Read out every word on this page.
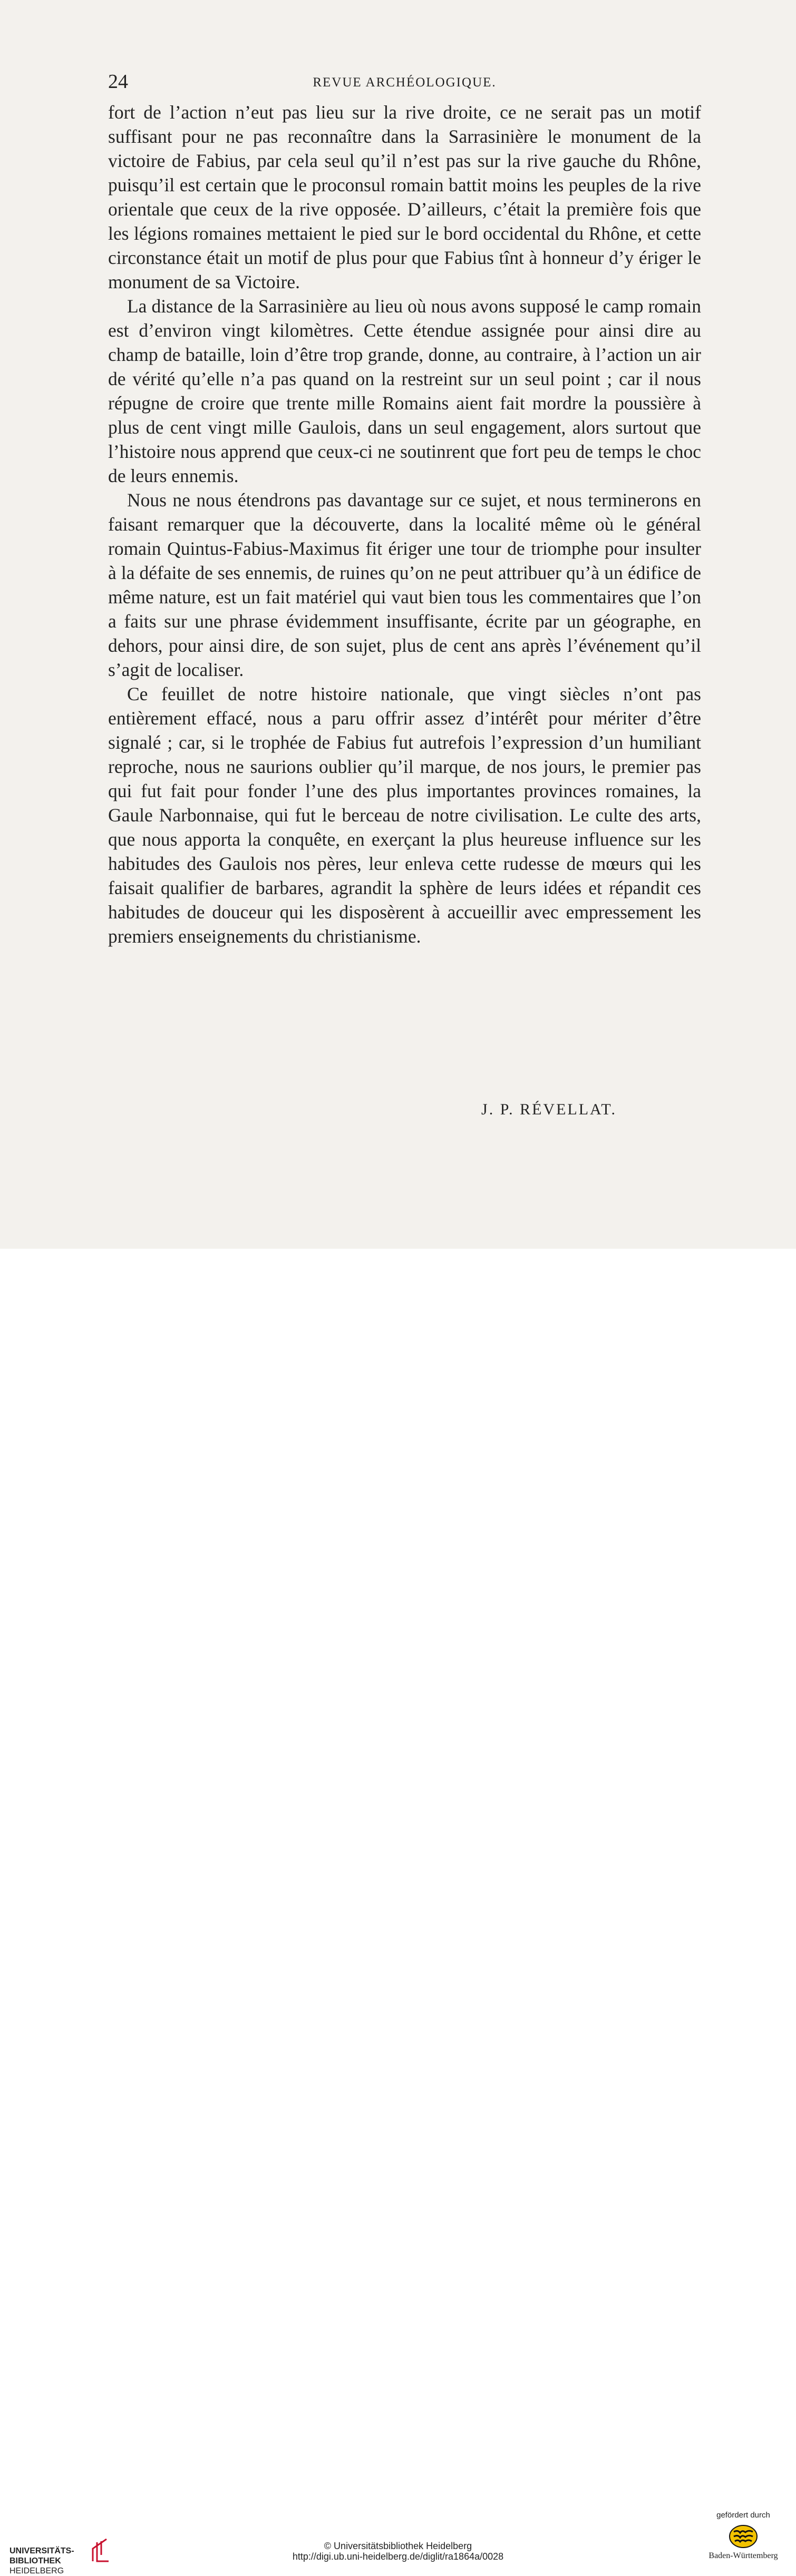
24	REVUE ARCHÉOLOGIQUE.

fort de l’action n’eut pas lieu sur la rive droite, ce ne serait pas un motif suffisant pour ne pas reconnaître dans la Sarrasinière le monument de la victoire de Fabius, par cela seul qu’il n’est pas sur la rive gauche du Rhône, puisqu’il est certain que le proconsul romain battit moins les peuples de la rive orientale que ceux de la rive opposée. D’ailleurs, c’était la première fois que les légions romaines mettaient le pied sur le bord occidental du Rhône, et cette circonstance était un motif de plus pour que Fabius tînt à honneur d’y ériger le monument de sa Victoire.

La distance de la Sarrasinière au lieu où nous avons supposé le camp romain est d’environ vingt kilomètres. Cette étendue assignée pour ainsi dire au champ de bataille, loin d’être trop grande, donne, au contraire, à l’action un air de vérité qu’elle n’a pas quand on la restreint sur un seul point ; car il nous répugne de croire que trente mille Romains aient fait mordre la poussière à plus de cent vingt mille Gaulois, dans un seul engagement, alors surtout que l’histoire nous apprend que ceux-ci ne soutinrent que fort peu de temps le choc de leurs ennemis.

Nous ne nous étendrons pas davantage sur ce sujet, et nous terminerons en faisant remarquer que la découverte, dans la localité même où le général romain Quintus-Fabius-Maximus fit ériger une tour de triomphe pour insulter à la défaite de ses ennemis, de ruines qu’on ne peut attribuer qu’à un édifice de même nature, est un fait matériel qui vaut bien tous les commentaires que l’on a faits sur une phrase évidemment insuffisante, écrite par un géographe, en dehors, pour ainsi dire, de son sujet, plus de cent ans après l’événement qu’il s’agit de localiser.

Ce feuillet de notre histoire nationale, que vingt siècles n’ont pas entièrement effacé, nous a paru offrir assez d’intérêt pour mériter d’être signalé ; car, si le trophée de Fabius fut autrefois l’expression d’un humiliant reproche, nous ne saurions oublier qu’il marque, de nos jours, le premier pas qui fut fait pour fonder l’une des plus importantes provinces romaines, la Gaule Narbonnaise, qui fut le berceau de notre civilisation. Le culte des arts, que nous apporta la conquête, en exerçant la plus heureuse influence sur les habitudes des Gaulois nos pères, leur enleva cette rudesse de mœurs qui les faisait qualifier de barbares, agrandit la sphère de leurs idées et répandit ces habitudes de douceur qui les disposèrent à accueillir avec empressement les premiers enseignements du christianisme.

J. P. RÉVELLAT.
UNIVERSITÄTS-
BIBLIOTHEK
HEIDELBERG
© Universitätsbibliothek Heidelberg
http://digi.ub.uni-heidelberg.de/diglit/ra1864a/0028
gefördert durch
Baden-Württemberg
